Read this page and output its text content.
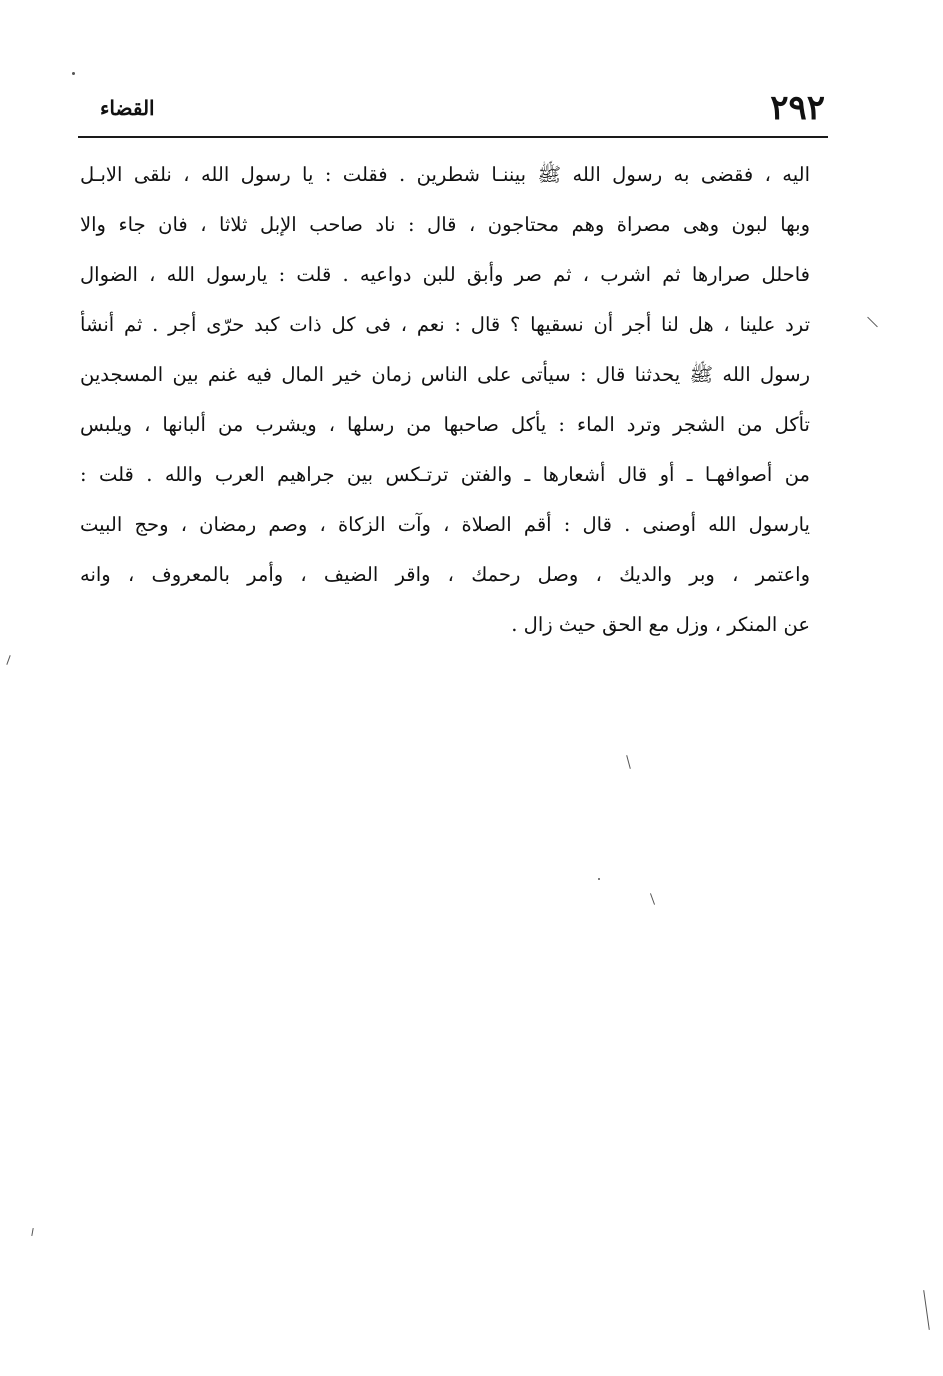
٢٩٢
القضاء
اليه ، فقضى به رسول الله ﷺ بيننـا شطرين . فقلت : يا رسول الله ، نلقى الابـل
وبها لبون وهى مصراة وهم محتاجون ، قال : ناد صاحب الإبل ثلاثا ، فان جاء والا
فاحلل صرارها ثم اشرب ، ثم صر وأبق للبن دواعيه . قلت : يارسول الله ، الضوال
ترد علينا ، هل لنا أجر أن نسقيها ؟ قال : نعم ، فى كل ذات كبد حرّى أجر . ثم أنشأ
رسول الله ﷺ يحدثنا قال : سيأتى على الناس زمان خير المال فيه غنم بين المسجدين
تأكل من الشجر وترد الماء : يأكل صاحبها من رسلها ، ويشرب من ألبانها ، ويلبس
من أصوافهـا ـ أو قال أشعارها ـ والفتن ترتـكس بين جراهيم العرب والله . قلت :
يارسول الله أوصنى . قال : أقم الصلاة ، وآت الزكاة ، وصم رمضان ، وحج البيت
واعتمر ، وبر والديك ، وصل رحمك ، واقر الضيف ، وأمر بالمعروف ، وانه
عن المنكر ، وزل مع الحق حيث زال .
